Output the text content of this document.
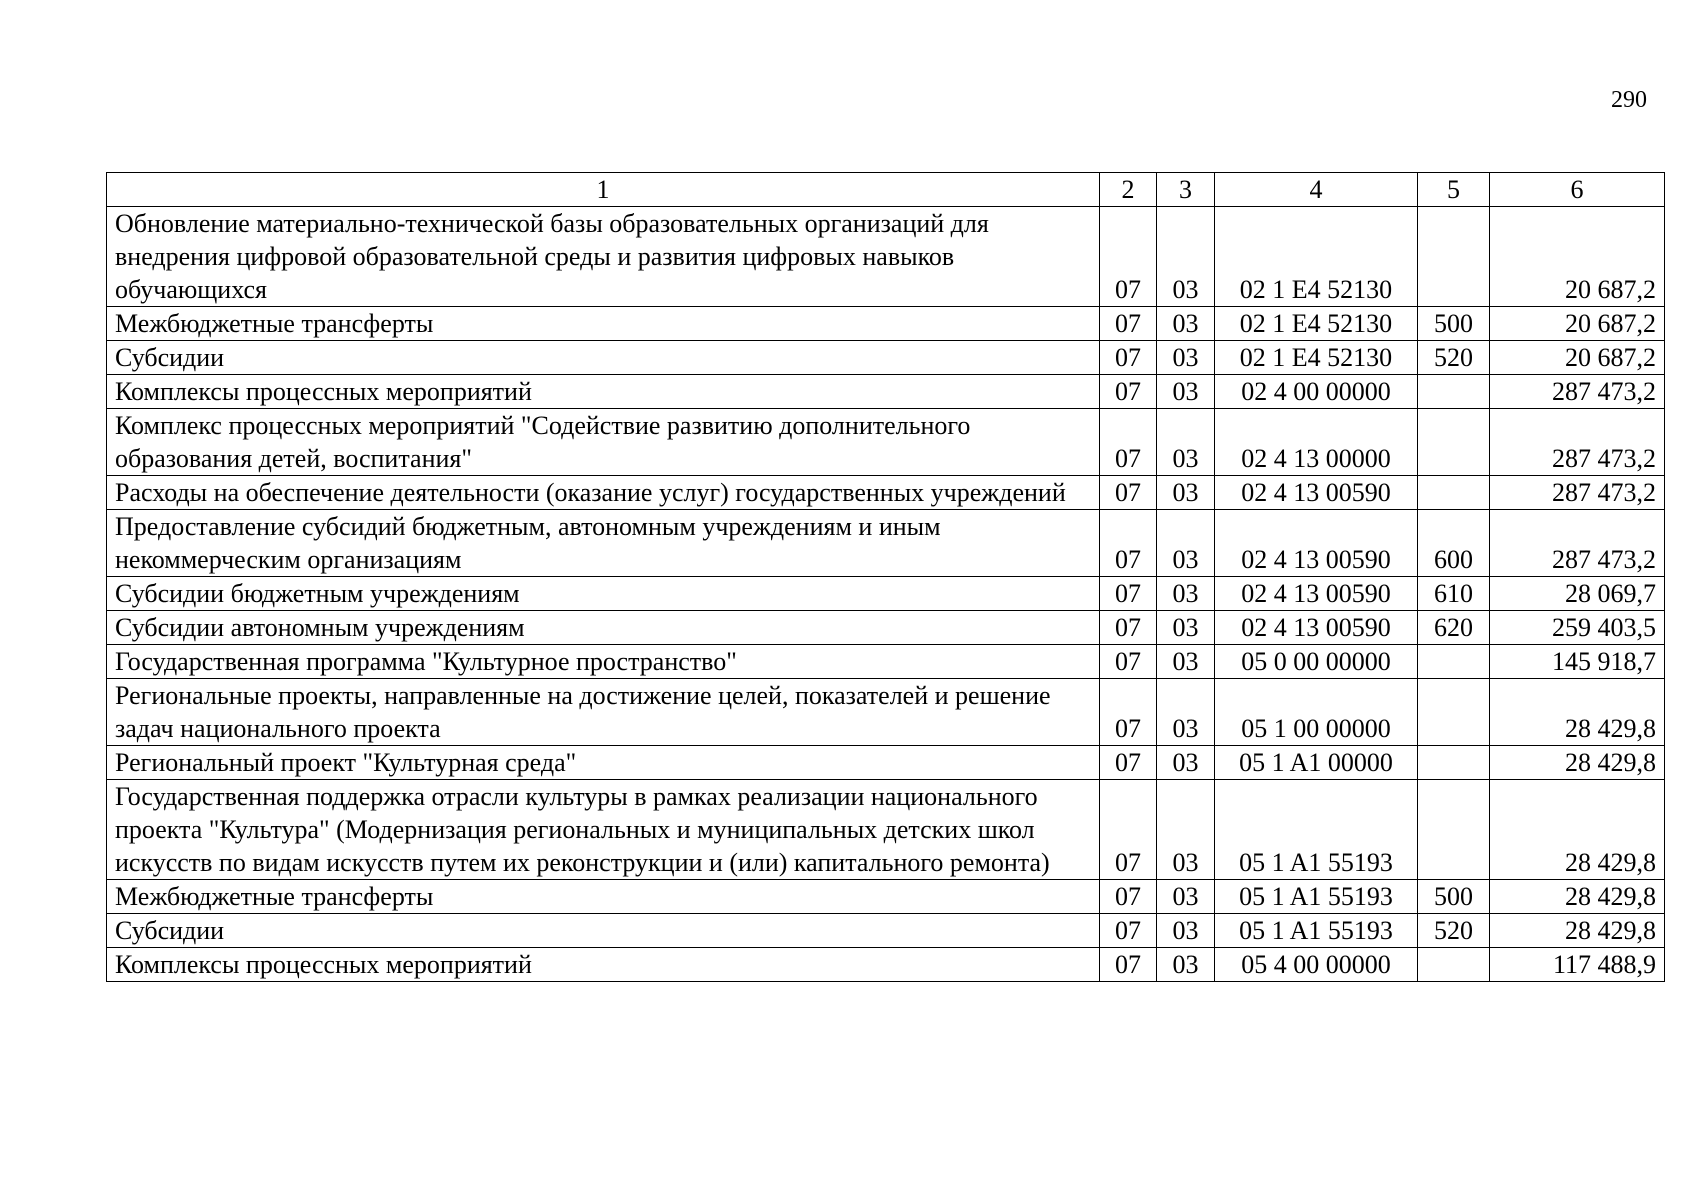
290
1	2	3	4	5	6
Обновление материально-технической базы образовательных организаций для внедрения цифровой образовательной среды и развития цифровых навыков обучающихся	07	03	02 1 E4 52130		20 687,2
Межбюджетные трансферты	07	03	02 1 E4 52130	500	20 687,2
Субсидии	07	03	02 1 E4 52130	520	20 687,2
Комплексы процессных мероприятий	07	03	02 4 00 00000		287 473,2
Комплекс процессных мероприятий "Содействие развитию дополнительного образования детей, воспитания"	07	03	02 4 13 00000		287 473,2
Расходы на обеспечение деятельности (оказание услуг) государственных учреждений	07	03	02 4 13 00590		287 473,2
Предоставление субсидий бюджетным, автономным учреждениям и иным некоммерческим организациям	07	03	02 4 13 00590	600	287 473,2
Субсидии бюджетным учреждениям	07	03	02 4 13 00590	610	28 069,7
Субсидии автономным учреждениям	07	03	02 4 13 00590	620	259 403,5
Государственная программа "Культурное пространство"	07	03	05 0 00 00000		145 918,7
Региональные проекты, направленные на достижение целей, показателей и решение задач национального проекта	07	03	05 1 00 00000		28 429,8
Региональный проект "Культурная среда"	07	03	05 1 A1 00000		28 429,8
Государственная поддержка отрасли культуры в рамках реализации национального проекта "Культура" (Модернизация региональных и муниципальных детских школ искусств по видам искусств путем их реконструкции и (или) капитального ремонта)	07	03	05 1 A1 55193		28 429,8
Межбюджетные трансферты	07	03	05 1 A1 55193	500	28 429,8
Субсидии	07	03	05 1 A1 55193	520	28 429,8
Комплексы процессных мероприятий	07	03	05 4 00 00000		117 488,9
